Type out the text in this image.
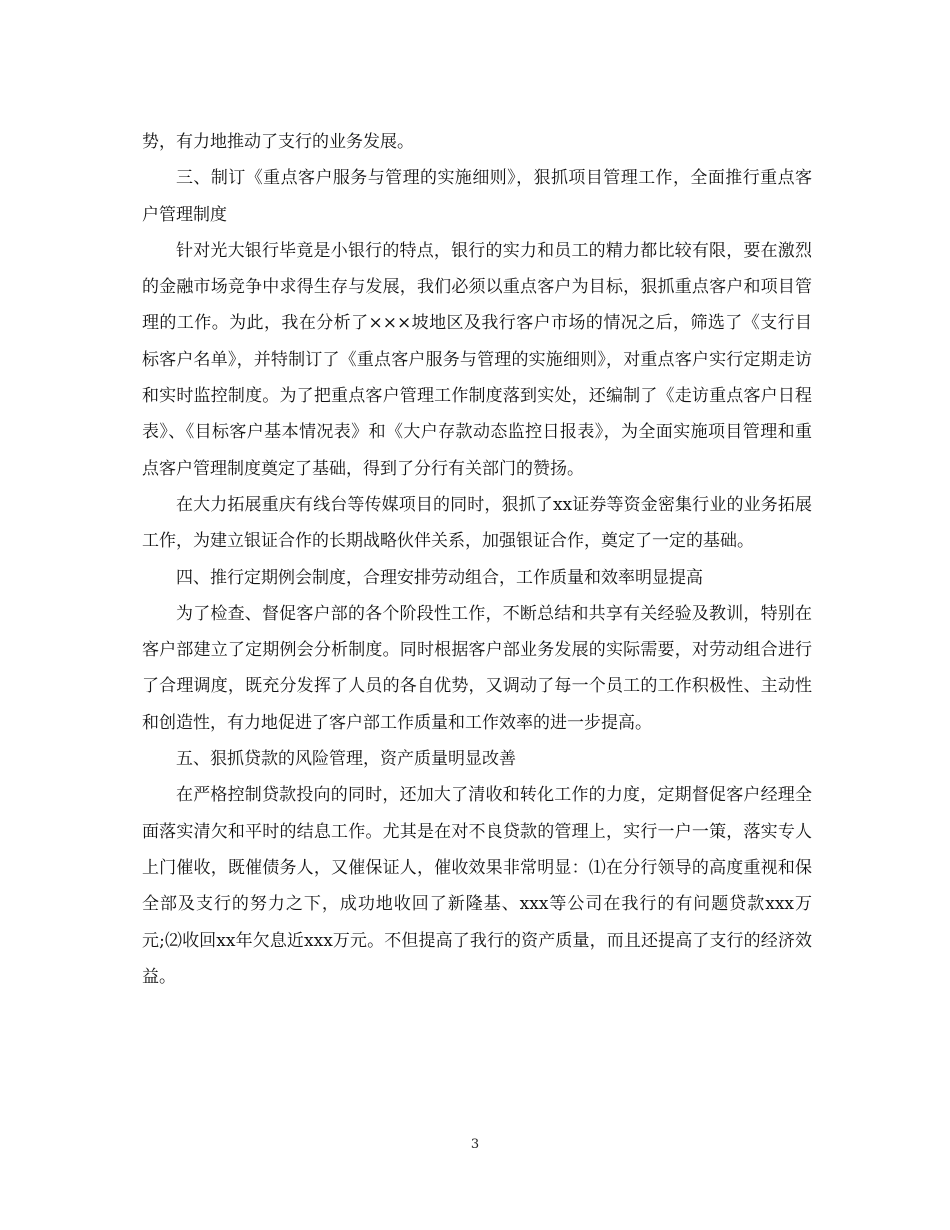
势，有力地推动了支行的业务发展。

三、制订《重点客户服务与管理的实施细则》，狠抓项目管理工作，全面推行重点客户管理制度

针对光大银行毕竟是小银行的特点，银行的实力和员工的精力都比较有限，要在激烈的金融市场竞争中求得生存与发展，我们必须以重点客户为目标，狠抓重点客户和项目管理的工作。为此，我在分析了×××坡地区及我行客户市场的情况之后，筛选了《支行目标客户名单》，并特制订了《重点客户服务与管理的实施细则》，对重点客户实行定期走访和实时监控制度。为了把重点客户管理工作制度落到实处，还编制了《走访重点客户日程表》、《目标客户基本情况表》和《大户存款动态监控日报表》，为全面实施项目管理和重点客户管理制度奠定了基础，得到了分行有关部门的赞扬。

在大力拓展重庆有线台等传媒项目的同时，狠抓了xx证券等资金密集行业的业务拓展工作，为建立银证合作的长期战略伙伴关系，加强银证合作，奠定了一定的基础。

四、推行定期例会制度，合理安排劳动组合，工作质量和效率明显提高

为了检查、督促客户部的各个阶段性工作，不断总结和共享有关经验及教训，特别在客户部建立了定期例会分析制度。同时根据客户部业务发展的实际需要，对劳动组合进行了合理调度，既充分发挥了人员的各自优势，又调动了每一个员工的工作积极性、主动性和创造性，有力地促进了客户部工作质量和工作效率的进一步提高。

五、狠抓贷款的风险管理，资产质量明显改善

在严格控制贷款投向的同时，还加大了清收和转化工作的力度，定期督促客户经理全面落实清欠和平时的结息工作。尤其是在对不良贷款的管理上，实行一户一策，落实专人上门催收，既催债务人，又催保证人，催收效果非常明显：⑴在分行领导的高度重视和保全部及支行的努力之下，成功地收回了新隆基、xxx等公司在我行的有问题贷款xxx万元;⑵收回xx年欠息近xxx万元。不但提高了我行的资产质量，而且还提高了支行的经济效益。

3
